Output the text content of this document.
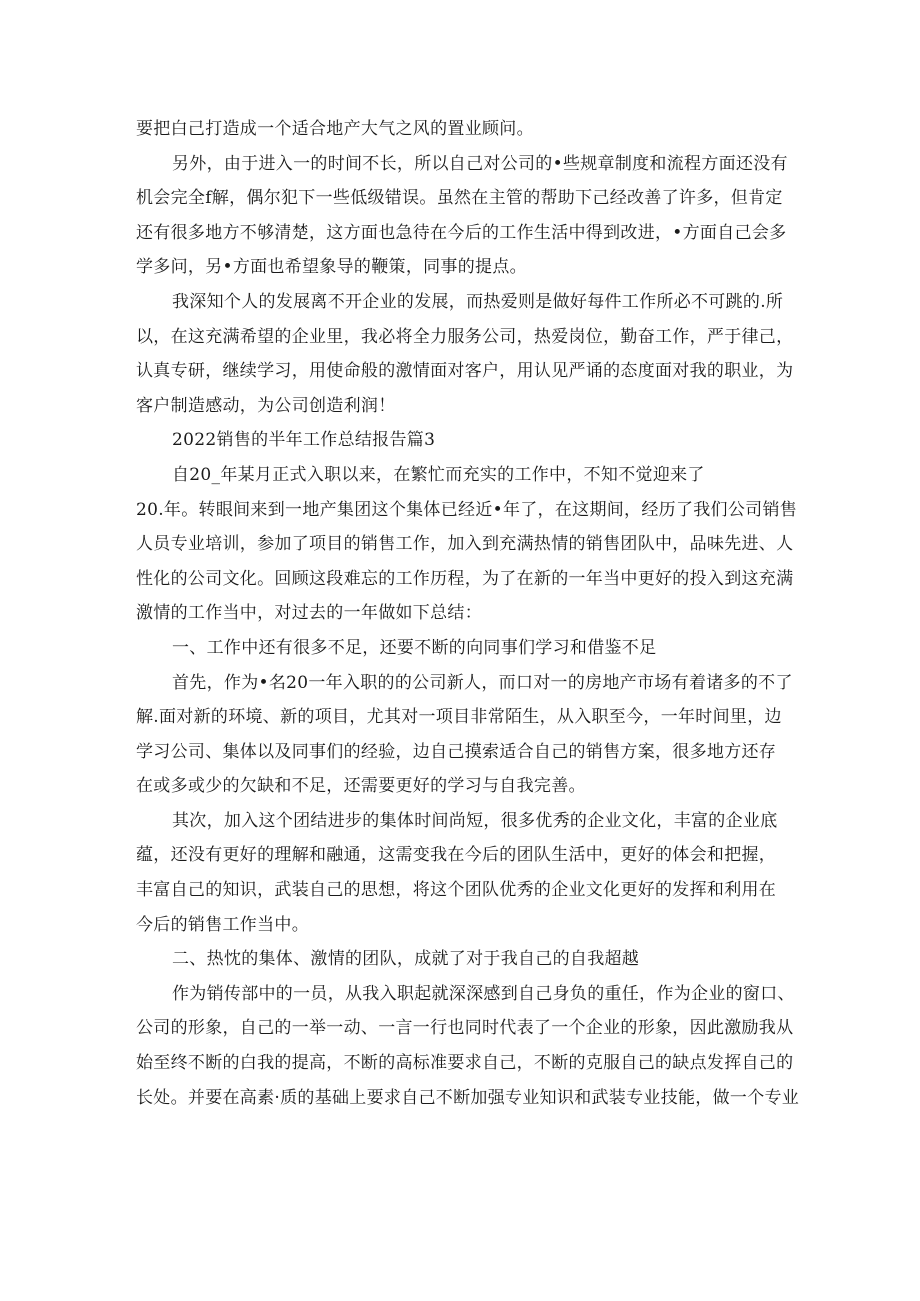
要把白己打造成一个适合地产大气之风的置业顾问。

另外，由于进入一的时间不长，所以自己对公司的•些规章制度和流程方面还没有
机会完全f解，偶尔犯下一些低级错误。虽然在主管的帮助下己经改善了许多，但肯定
还有很多地方不够清楚，这方面也急待在今后的工作生活中得到改进，•方面自己会多
学多问，另•方面也希望象导的鞭策，同事的提点。

我深知个人的发展离不开企业的发展，而热爱则是做好每件工作所必不可跳的.所
以，在这充满希望的企业里，我必将全力服务公司，热爱岗位，勤奋工作，严于律己，
认真专研，继续学习，用使命般的激情面对客户，用认见严诵的态度面对我的职业，为
客户制造感动，为公司创造利润！

2022销售的半年工作总结报告篇3

自20_年某月正式入职以来，在繁忙而充实的工作中，不知不觉迎来了

20.年。转眼间来到一地产集团这个集体已经近•年了，在这期间，经历了我们公司销售
人员专业培训，参加了项目的销售工作，加入到充满热情的销售团队中，品味先进、人
性化的公司文化。回顾这段难忘的工作历程，为了在新的一年当中更好的投入到这充满
激情的工作当中，对过去的一年做如下总结：

一、工作中还有很多不足，还要不断的向同事们学习和借鉴不足

首先，作为•名20一年入职的的公司新人，而口对一的房地产市场有着诸多的不了
解.面对新的环境、新的项目，尤其对一项目非常陌生，从入职至今，一年时间里，边
学习公司、集体以及同事们的经验，边自己摸索适合自己的销售方案，很多地方还存
在或多或少的欠缺和不足，还需要更好的学习与自我完善。

其次，加入这个团结进步的集体时间尚短，很多优秀的企业文化，丰富的企业底
蕴，还没有更好的理解和融通，这需变我在今后的团队生活中，更好的体会和把握，
丰富自己的知识，武装自己的思想，将这个团队优秀的企业文化更好的发挥和利用在
今后的销售工作当中。

二、热忱的集体、激情的团队，成就了对于我自己的自我超越

作为销传部中的一员，从我入职起就深深感到自己身负的重任，作为企业的窗口、
公司的形象，自己的一举一动、一言一行也同时代表了一个企业的形象，因此激励我从
始至终不断的白我的提高，不断的高标准要求自己，不断的克服自己的缺点发挥自己的
长处。并要在高素·质的基础上要求自己不断加强专业知识和武装专业技能，做一个专业
